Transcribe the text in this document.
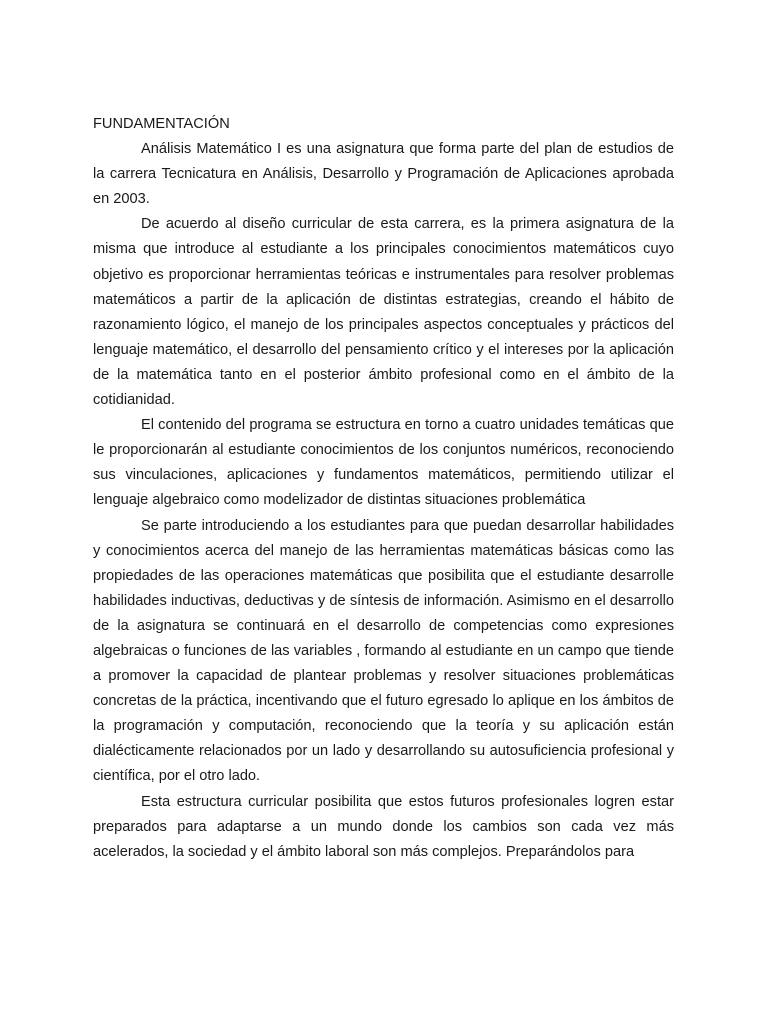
FUNDAMENTACIÓN

Análisis Matemático I es una asignatura que forma parte del plan de estudios de la carrera Tecnicatura en Análisis, Desarrollo y Programación de Aplicaciones aprobada en 2003.

De acuerdo al diseño curricular de esta carrera, es la primera asignatura de la misma que introduce al estudiante a los principales conocimientos matemáticos cuyo objetivo es proporcionar herramientas teóricas e instrumentales para resolver problemas matemáticos a partir de la aplicación de distintas estrategias, creando el hábito de razonamiento lógico, el manejo de los principales aspectos conceptuales y prácticos del lenguaje matemático, el desarrollo del pensamiento crítico y el intereses por la aplicación de la matemática tanto en el posterior ámbito profesional como en el ámbito de la cotidianidad.

El contenido del programa se estructura en torno a cuatro unidades temáticas que le proporcionarán al estudiante conocimientos de los conjuntos numéricos, reconociendo sus vinculaciones, aplicaciones y fundamentos matemáticos, permitiendo utilizar el lenguaje algebraico como modelizador de distintas situaciones problemática

Se parte introduciendo a los estudiantes para que puedan desarrollar habilidades y conocimientos acerca del manejo de las herramientas matemáticas básicas como las propiedades de las operaciones matemáticas que posibilita que el estudiante desarrolle habilidades inductivas, deductivas y de síntesis de información. Asimismo en el desarrollo de la asignatura se continuará en el desarrollo de competencias como expresiones algebraicas o funciones de las variables , formando al estudiante en un campo que tiende a promover la capacidad de plantear problemas y resolver situaciones problemáticas concretas de la práctica, incentivando que el futuro egresado lo aplique en los ámbitos de la programación y computación, reconociendo que la teoría y su aplicación están dialécticamente relacionados por un lado y desarrollando su autosuficiencia profesional y científica, por el otro lado.

Esta estructura curricular posibilita que estos futuros profesionales logren estar preparados para adaptarse a un mundo donde los cambios son cada vez más acelerados, la sociedad y el ámbito laboral son más complejos. Preparándolos para
